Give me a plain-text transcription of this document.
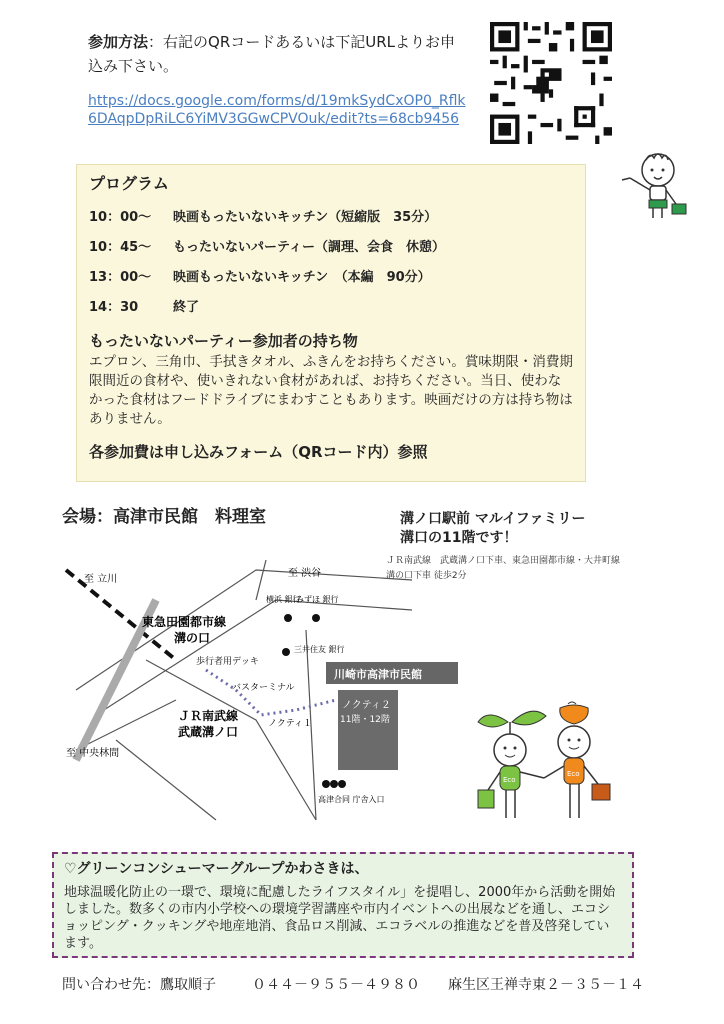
参加方法：右記のQRコードあるいは下記URLよりお申込み下さい。
https://docs.google.com/forms/d/19mkSydCxOP0_Rflk6DAqpDpRiLC6YiMV3GGwCPVOuk/edit?ts=68cb9456
プログラム
10：00〜	映画もったいないキッチン（短縮版　35分）
10：45〜	もったいないパーティー（調理、会食　休憩）
13：00〜	映画もったいないキッチン　（本編　90分）
14：30	終了
もったいないパーティー参加者の持ち物
エプロン、三角巾、手拭きタオル、ふきんをお持ちください。賞味期限・消費期限間近の食材や、使いきれない食材があれば、お持ちください。当日、使わなかった食材はフードドライブにまわすこともあります。映画だけの方は持ち物はありません。
各参加費は申し込みフォーム（QRコード内）参照
会場：高津市民館　料理室	溝ノ口駅前 マルイファミリー
溝口の11階です！
ＪＲ南武線　武蔵溝ノ口下車、東急田園都市線・大井町線 溝の口下車 徒歩2分
至 立川
至 渋谷
至 中央林間
東急田園都市線
溝の口
ＪＲ南武線
武蔵溝ノ口
歩行者用デッキ
バスターミナル
ノクティ１
横浜 銀行
みずほ 銀行
三井住友 銀行
川崎市高津市民館
ノクティ２
11階・12階
高津合同 庁舎入口
Eco
Eco
♡グリーンコンシューマーグループかわさきは、
地球温暖化防止の一環で、環境に配慮したライフスタイル」を提唱し、2000年から活動を開始しました。数多くの市内小学校への環境学習講座や市内イベントへの出展などを通し、エコショッピング・クッキングや地産地消、食品ロス削減、エコラベルの推進などを普及啓発しています。
問い合わせ先：鷹取順子	０４４－９５５－４９８０ 麻生区王禅寺東２－３５－１４
